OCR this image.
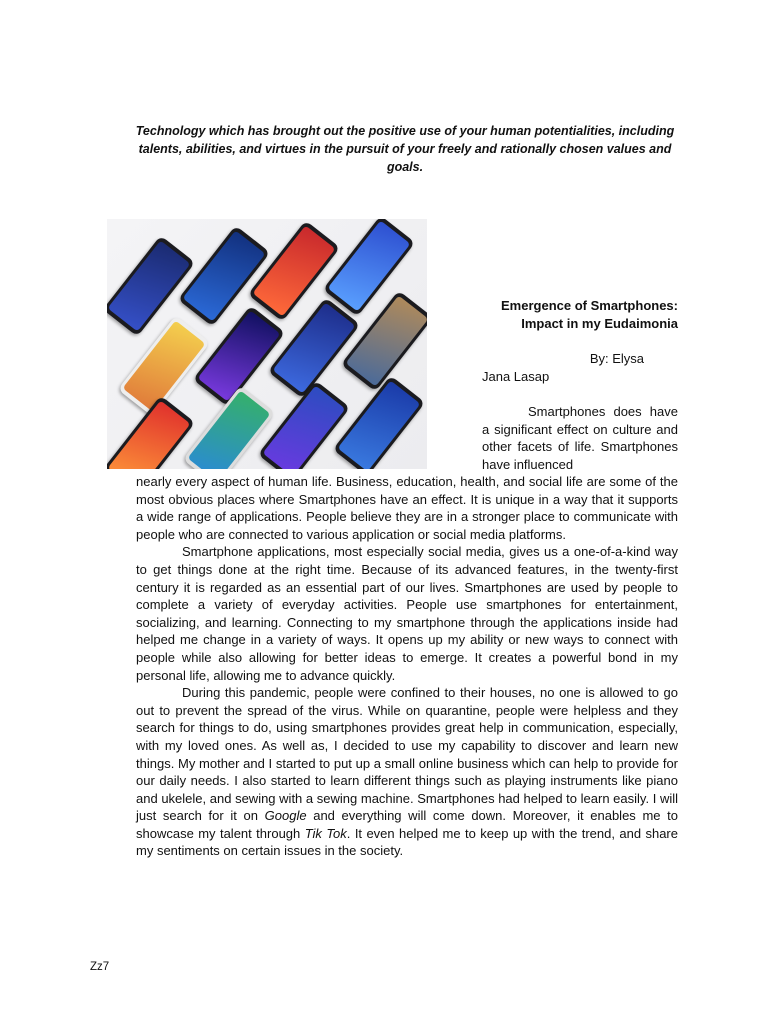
Technology which has brought out the positive use of your human potentialities, including talents, abilities, and virtues in the pursuit of your freely and rationally chosen values and goals.
Emergence of Smartphones: Impact in my Eudaimonia
By: Elysa
Jana Lasap
Smartphones does have a significant effect on culture and other facets of life. Smartphones have influenced

nearly every aspect of human life. Business, education, health, and social life are some of the most obvious places where Smartphones have an effect. It is unique in a way that it supports a wide range of applications. People believe they are in a stronger place to communicate with people who are connected to various application or social media platforms.

Smartphone applications, most especially social media, gives us a one-of-a-kind way to get things done at the right time. Because of its advanced features, in the twenty-first century it is regarded as an essential part of our lives. Smartphones are used by people to complete a variety of everyday activities. People use smartphones for entertainment, socializing, and learning. Connecting to my smartphone through the applications inside had helped me change in a variety of ways. It opens up my ability or new ways to connect with people while also allowing for better ideas to emerge. It creates a powerful bond in my personal life, allowing me to advance quickly.

During this pandemic, people were confined to their houses, no one is allowed to go out to prevent the spread of the virus. While on quarantine, people were helpless and they search for things to do, using smartphones provides great help in communication, especially, with my loved ones. As well as, I decided to use my capability to discover and learn new things. My mother and I started to put up a small online business which can help to provide for our daily needs. I also started to learn different things such as playing instruments like piano and ukelele, and sewing with a sewing machine. Smartphones had helped to learn easily. I will just search for it on Google and everything will come down. Moreover, it enables me to showcase my talent through Tik Tok. It even helped me to keep up with the trend, and share my sentiments on certain issues in the society.

Zz7
